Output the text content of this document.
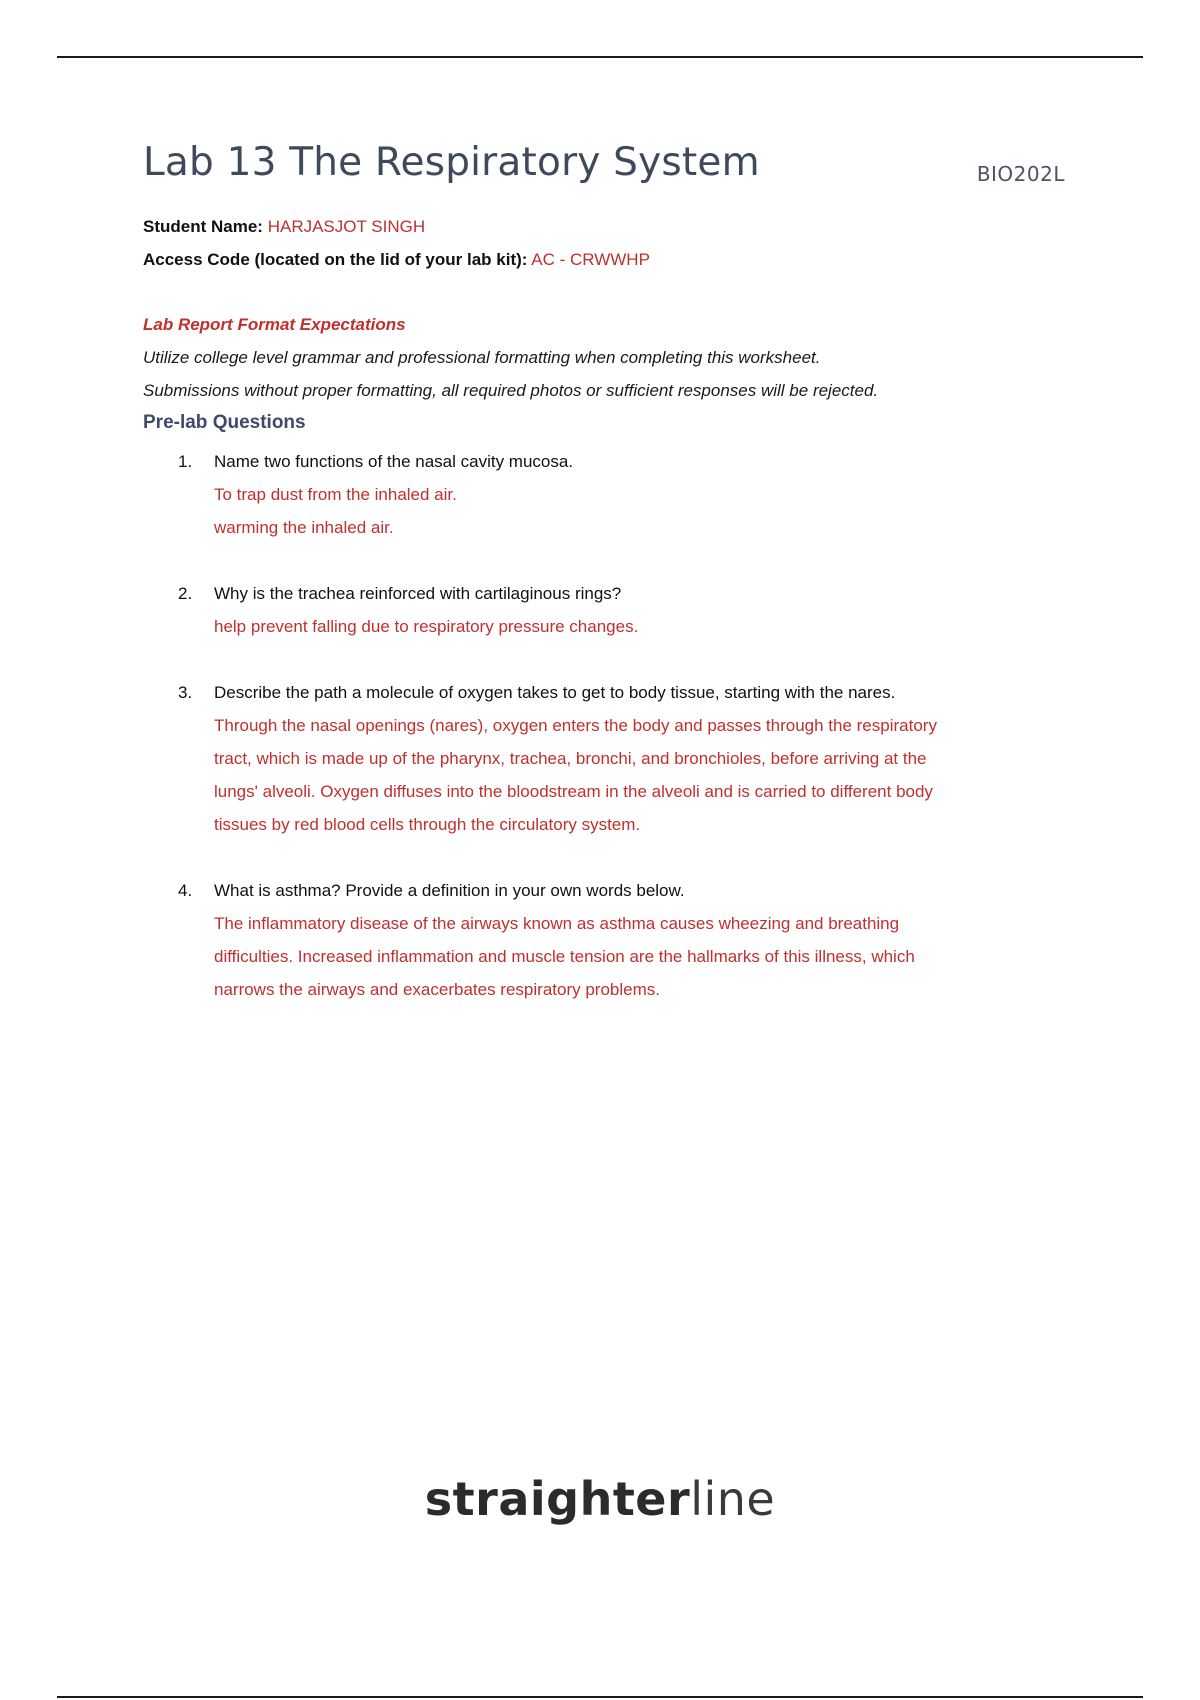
Lab 13 The Respiratory System	BIO202L
Student Name: HARJASJOT SINGH
Access Code (located on the lid of your lab kit): AC - CRWWHP
Lab Report Format Expectations
Utilize college level grammar and professional formatting when completing this worksheet.
Submissions without proper formatting, all required photos or sufficient responses will be rejected.
Pre-lab Questions
1. Name two functions of the nasal cavity mucosa.
To trap dust from the inhaled air.
warming the inhaled air.
2. Why is the trachea reinforced with cartilaginous rings?
help prevent falling due to respiratory pressure changes.
3. Describe the path a molecule of oxygen takes to get to body tissue, starting with the nares.
Through the nasal openings (nares), oxygen enters the body and passes through the respiratory
tract, which is made up of the pharynx, trachea, bronchi, and bronchioles, before arriving at the
lungs' alveoli. Oxygen diffuses into the bloodstream in the alveoli and is carried to different body
tissues by red blood cells through the circulatory system.
4. What is asthma? Provide a definition in your own words below.
The inflammatory disease of the airways known as asthma causes wheezing and breathing
difficulties. Increased inflammation and muscle tension are the hallmarks of this illness, which
narrows the airways and exacerbates respiratory problems.
straighterline
